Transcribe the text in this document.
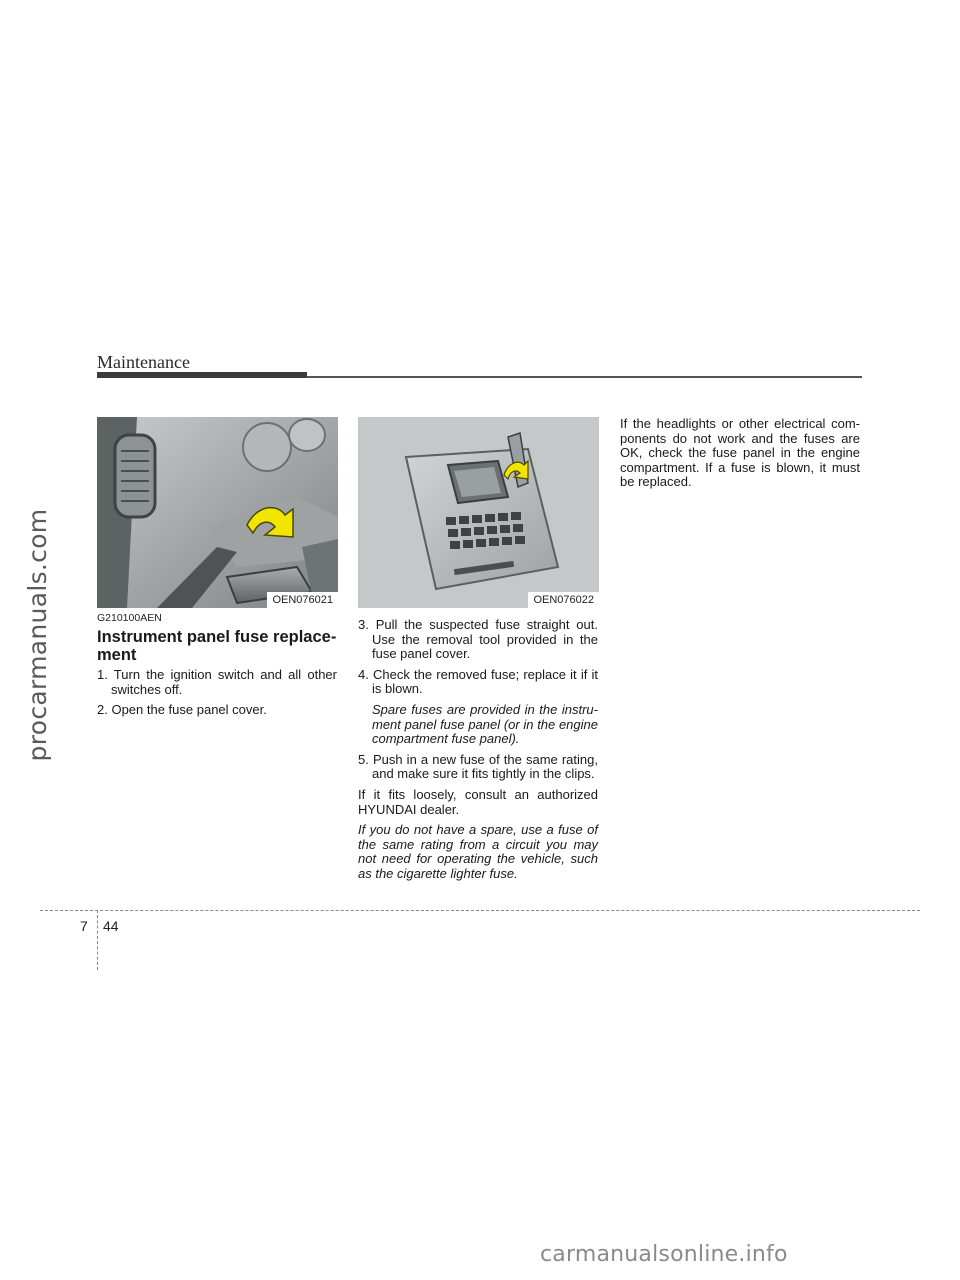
procarmanuals.com
Maintenance
OEN076021	OEN076022
G210100AEN
Instrument panel fuse replace-ment

1. Turn the ignition switch and all other switches off.

2. Open the fuse panel cover.

3. Pull the suspected fuse straight out. Use the removal tool provided in the fuse panel cover.

4. Check the removed fuse; replace it if it is blown.

Spare fuses are provided in the instru-ment panel fuse panel (or in the engine compartment fuse panel).

5. Push in a new fuse of the same rating, and make sure it fits tightly in the clips.

If it fits loosely, consult an authorized HYUNDAI dealer.

If you do not have a spare, use a fuse of the same rating from a circuit you may not need for operating the vehicle, such as the cigarette lighter fuse.

If the headlights or other electrical com-ponents do not work and the fuses are OK, check the fuse panel in the engine compartment. If a fuse is blown, it must be replaced.

7 44
carmanualsonline.info
